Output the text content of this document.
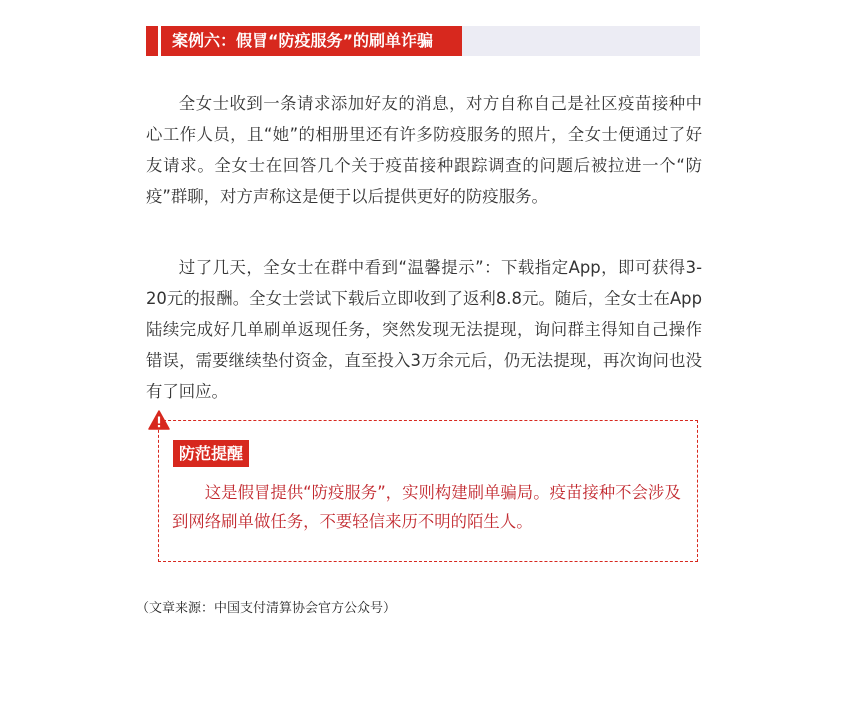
案例六：假冒“防疫服务”的刷单诈骗

全女士收到一条请求添加好友的消息，对方自称自己是社区疫苗接种中心工作人员，且“她”的相册里还有许多防疫服务的照片，全女士便通过了好友请求。全女士在回答几个关于疫苗接种跟踪调查的问题后被拉进一个“防疫”群聊，对方声称这是便于以后提供更好的防疫服务。

过了几天，全女士在群中看到“温馨提示”：下载指定App，即可获得3-20元的报酬。全女士尝试下载后立即收到了返利8.8元。随后，全女士在App陆续完成好几单刷单返现任务，突然发现无法提现，询问群主得知自己操作错误，需要继续垫付资金，直至投入3万余元后，仍无法提现，再次询问也没有了回应。

防范提醒

这是假冒提供“防疫服务”，实则构建刷单骗局。疫苗接种不会涉及到网络刷单做任务，不要轻信来历不明的陌生人。

（文章来源：中国支付清算协会官方公众号）
